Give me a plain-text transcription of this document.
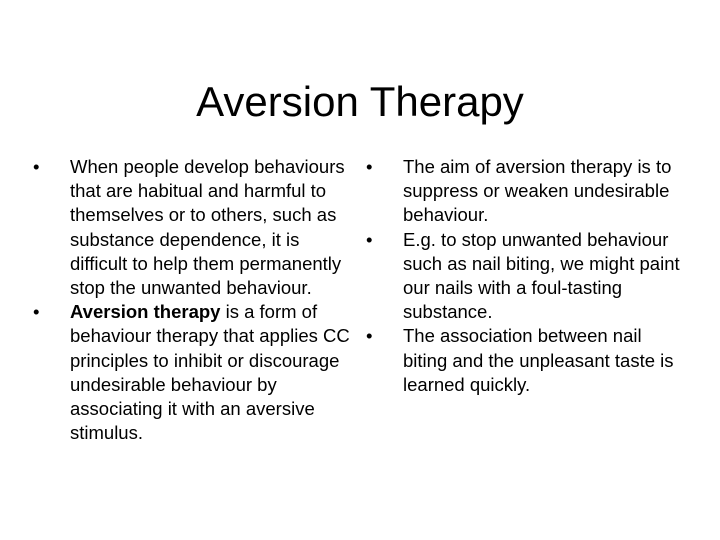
Aversion Therapy
•	When people develop behaviours that are habitual and harmful to themselves or to others, such as substance dependence, it is difficult to help them permanently stop the unwanted behaviour.
•	Aversion therapy is a form of behaviour therapy that applies CC principles to inhibit or discourage undesirable behaviour by associating it with an aversive stimulus.
•	The aim of aversion therapy is to suppress or weaken undesirable behaviour.
•	E.g. to stop unwanted behaviour such as nail biting, we might paint our nails with a foul-tasting substance.
•	The association between nail biting and the unpleasant taste is learned quickly.
